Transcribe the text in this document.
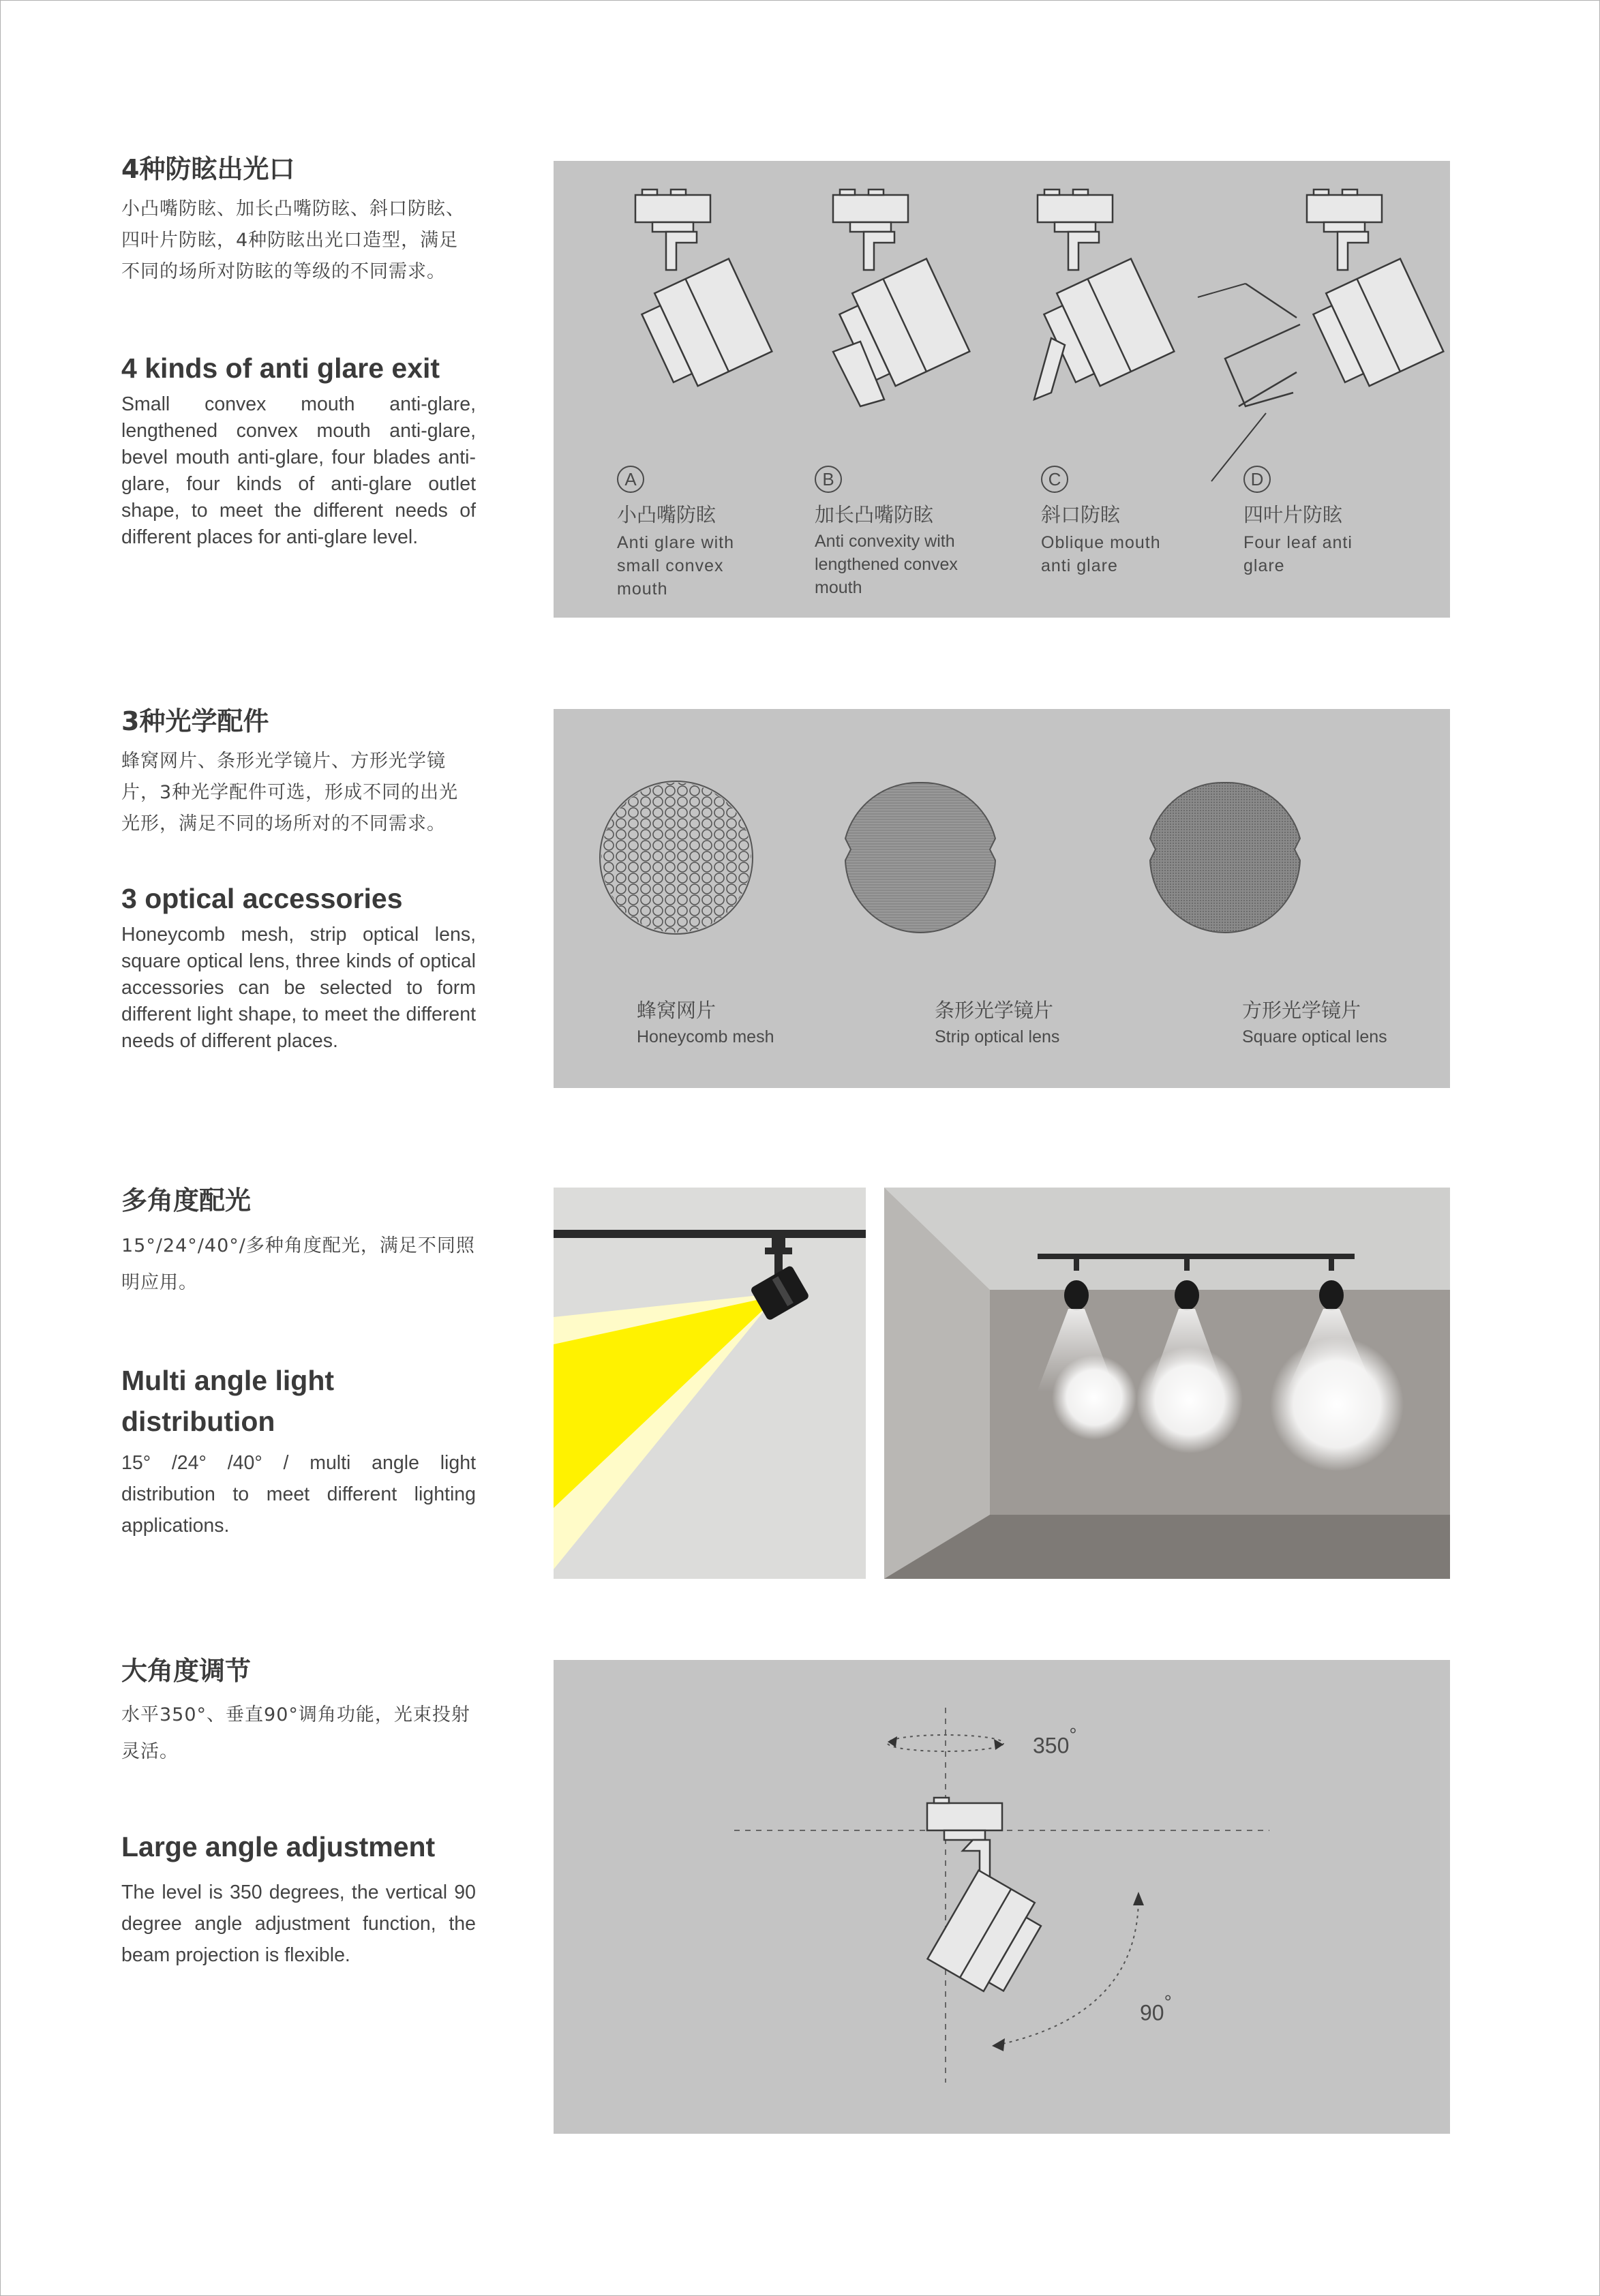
4种防眩出光口

小凸嘴防眩、加长凸嘴防眩、斜口防眩、四叶片防眩，4种防眩出光口造型，满足不同的场所对防眩的等级的不同需求。

4 kinds of anti glare exit

Small convex mouth anti-glare, lengthened convex mouth anti-glare, bevel mouth anti-glare, four blades anti-glare, four kinds of anti-glare outlet shape, to meet the different needs of different places for anti-glare level.

A
小凸嘴防眩
Anti glare with small convex mouth
B
加长凸嘴防眩
Anti convexity with lengthened convex mouth
C
斜口防眩
Oblique mouth anti glare
D
四叶片防眩
Four leaf anti glare

3种光学配件

蜂窝网片、条形光学镜片、方形光学镜片，3种光学配件可选，形成不同的出光光形，满足不同的场所对的不同需求。

3 optical accessories

Honeycomb mesh, strip optical lens, square optical lens, three kinds of optical accessories can be selected to form different light shape, to meet the different needs of different places.

蜂窝网片
Honeycomb mesh
条形光学镜片
Strip optical lens
方形光学镜片
Square optical lens

多角度配光

15°/24°/40°/多种角度配光，满足不同照明应用。

Multi angle light distribution

15° /24° /40° / multi angle light distribution to meet different lighting applications.

大角度调节

水平350°、垂直90°调角功能，光束投射灵活。

Large angle adjustment

The level is 350 degrees, the vertical 90 degree angle adjustment function, the beam projection is flexible.

350°
90°
